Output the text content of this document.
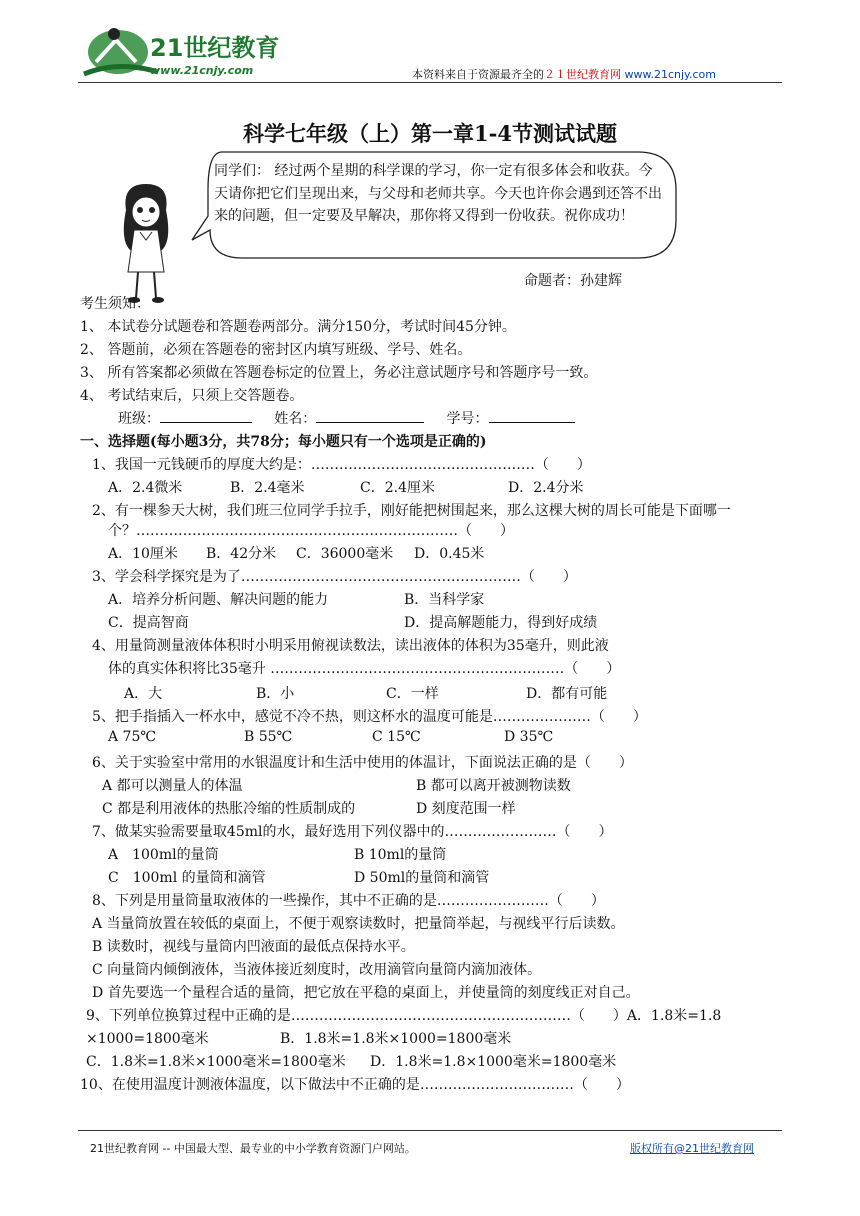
21世纪教育
www.21cnjy.com	本资料来自于资源最齐全的２１世纪教育网 www.21cnjy.com
科学七年级（上）第一章1-4节测试试题
同学们： 经过两个星期的科学课的学习，你一定有很多体会和收获。今天请你把它们呈现出来，与父母和老师共享。今天也许你会遇到还答不出来的问题，但一定要及早解决，那你将又得到一份收获。祝你成功！
命题者：孙建辉
考生须知：
1、 本试卷分试题卷和答题卷两部分。满分150分，考试时间45分钟。
2、 答题前，必须在答题卷的密封区内填写班级、学号、姓名。
3、 所有答案都必须做在答题卷标定的位置上，务必注意试题序号和答题序号一致。
4、 考试结束后，只须上交答题卷。
班级：	姓名：	学号：
一、选择题(每小题3分，共78分；每小题只有一个选项是正确的)
1、我国一元钱硬币的厚度大约是：…………………………………………（　　）
A．2.4微米	B．2.4毫米	C．2.4厘米	D．2.4分米
2、有一棵参天大树，我们班三位同学手拉手，刚好能把树围起来，那么这棵大树的周长可能是下面哪一
个？……………………………………………………………（　　）
A．10厘米 B．42分米 C．36000毫米 D．0.45米
3、学会科学探究是为了……………………………………………………（　　）
A．培养分析问题、解决问题的能力	B．当科学家
C．提高智商	D．提高解题能力，得到好成绩
4、用量筒测量液体体积时小明采用俯视读数法，读出液体的体积为35毫升，则此液
体的真实体积将比35毫升 ………………………………………………………（　　）
A．大	B．小	C．一样	D．都有可能
5、把手指插入一杯水中，感觉不冷不热，则这杯水的温度可能是…………………（　　）
A 75℃	B 55℃	C 15℃	D 35℃
6、关于实验室中常用的水银温度计和生活中使用的体温计，下面说法正确的是（　　）
A 都可以测量人的体温	B 都可以离开被测物读数
C 都是利用液体的热胀冷缩的性质制成的	D 刻度范围一样
7、做某实验需要量取45ml的水，最好选用下列仪器中的……………………（　　）
A　100ml的量筒	B 10ml的量筒
C　100ml 的量筒和滴管	D 50ml的量筒和滴管
8、下列是用量筒量取液体的一些操作，其中不正确的是……………………（　　）
A 当量筒放置在较低的桌面上，不便于观察读数时，把量筒举起，与视线平行后读数。
B 读数时，视线与量筒内凹液面的最低点保持水平。
C 向量筒内倾倒液体，当液体接近刻度时，改用滴管向量筒内滴加液体。
D 首先要选一个量程合适的量筒，把它放在平稳的桌面上，并使量筒的刻度线正对自己。
9、下列单位换算过程中正确的是……………………………………………………（　　）A．1.8米=1.8
×1000=1800毫米	B．1.8米=1.8米×1000=1800毫米
C．1.8米=1.8米×1000毫米=1800毫米 D．1.8米=1.8×1000毫米=1800毫米
10、在使用温度计测液体温度，以下做法中不正确的是……………………………（　　）
21世纪教育网 -- 中国最大型、最专业的中小学教育资源门户网站。	版权所有@21世纪教育网
